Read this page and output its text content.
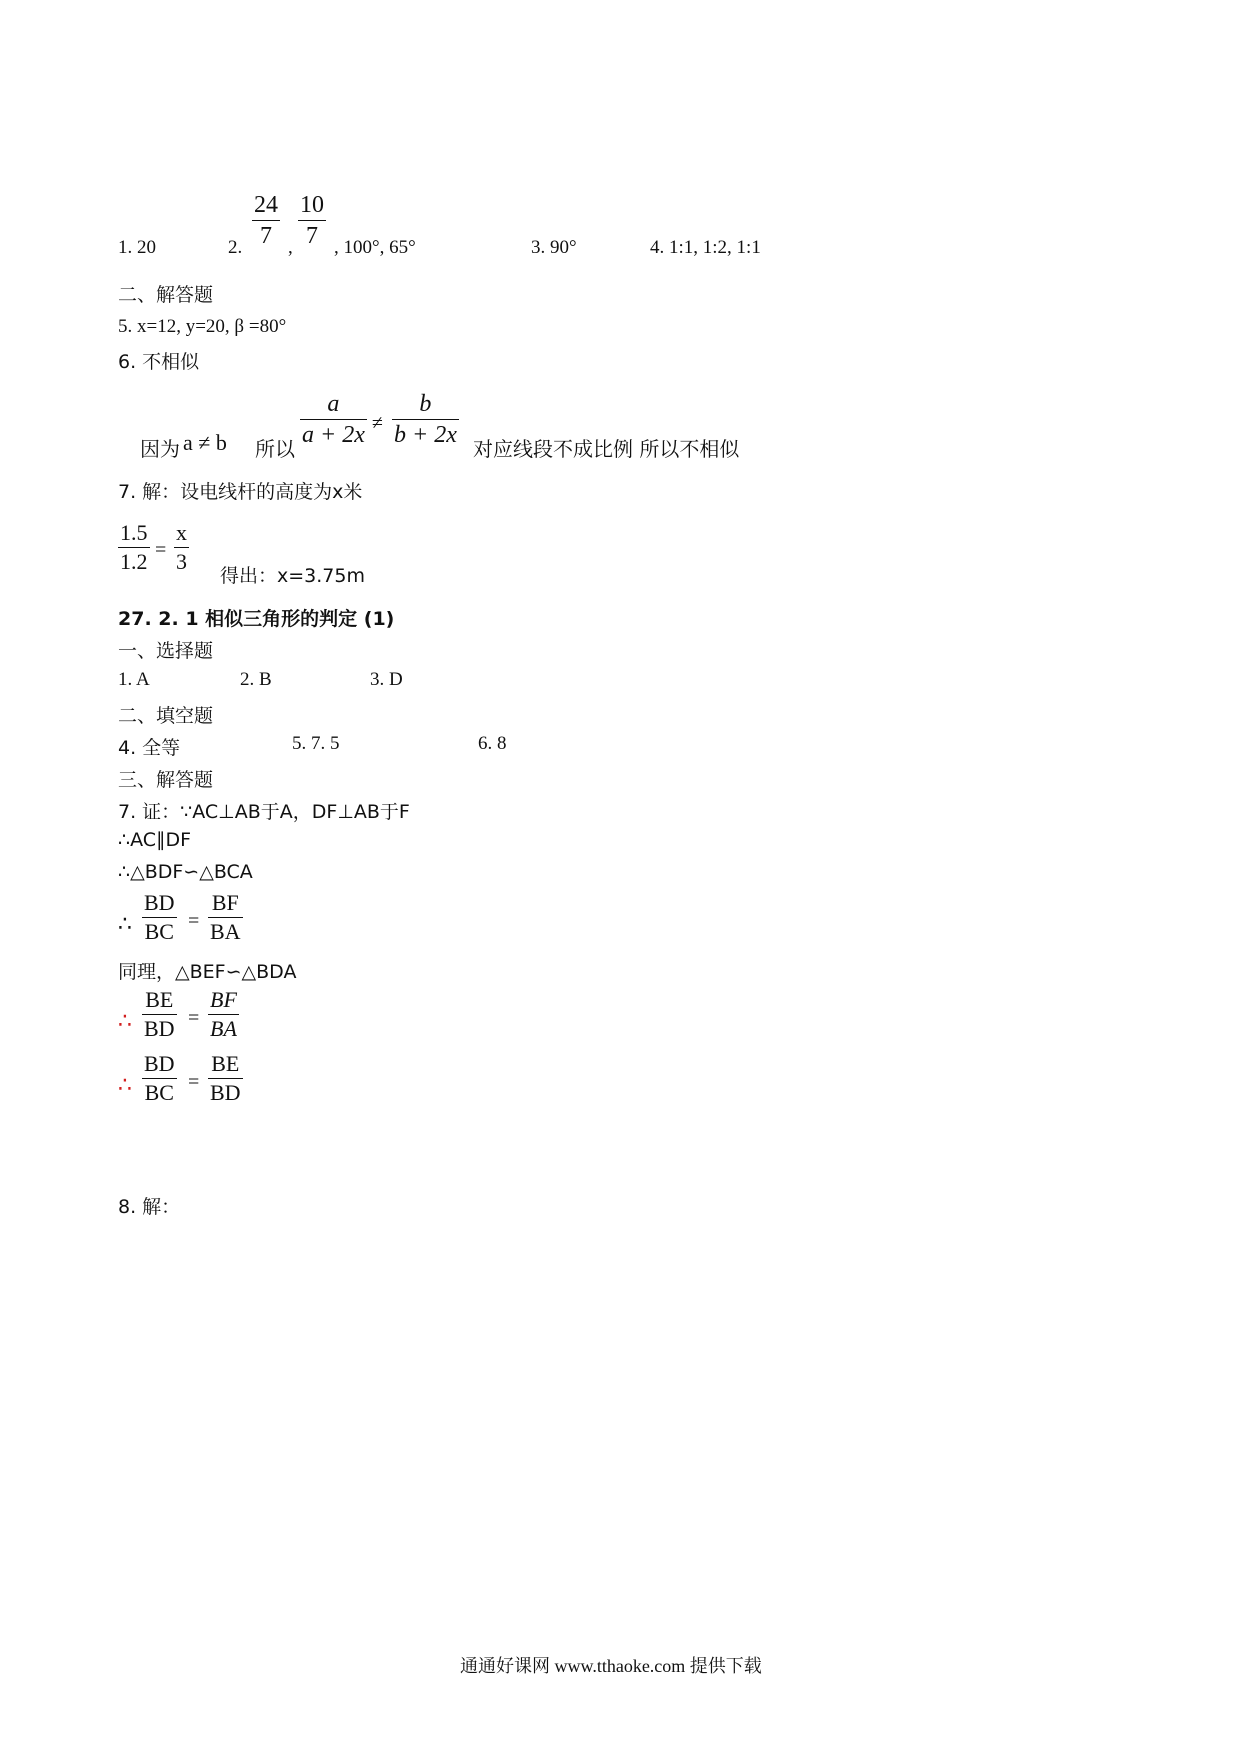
1. 20	2.
24
7 ,
10
7 , 100°, 65°	3. 90°	4. 1:1, 1:2, 1:1
二、解答题
5. x=12, y=20, β =80°
6. 不相似
因为 a ≠ b 所以
a
a + 2x ≠
b
b + 2x
对应线段不成比例 所以不相似
7. 解：设电线杆的高度为x米
1.5
1.2 =
x
3
得出：x=3.75m
27. 2. 1 相似三角形的判定 (1)
一、选择题
1. A	2. B	3. D
二、填空题
4. 全等	5. 7. 5	6. 8
三、解答题
7. 证：∵AC⊥AB于A，DF⊥AB于F
∴AC∥DF
∴△BDF∽△BCA
∴
BD
BC =
BF
BA
同理，△BEF∽△BDA
∴
BE
BD =
BF
BA
∴
BD
BC =
BE
BD
8. 解：
通通好课网 www.tthaoke.com 提供下载
